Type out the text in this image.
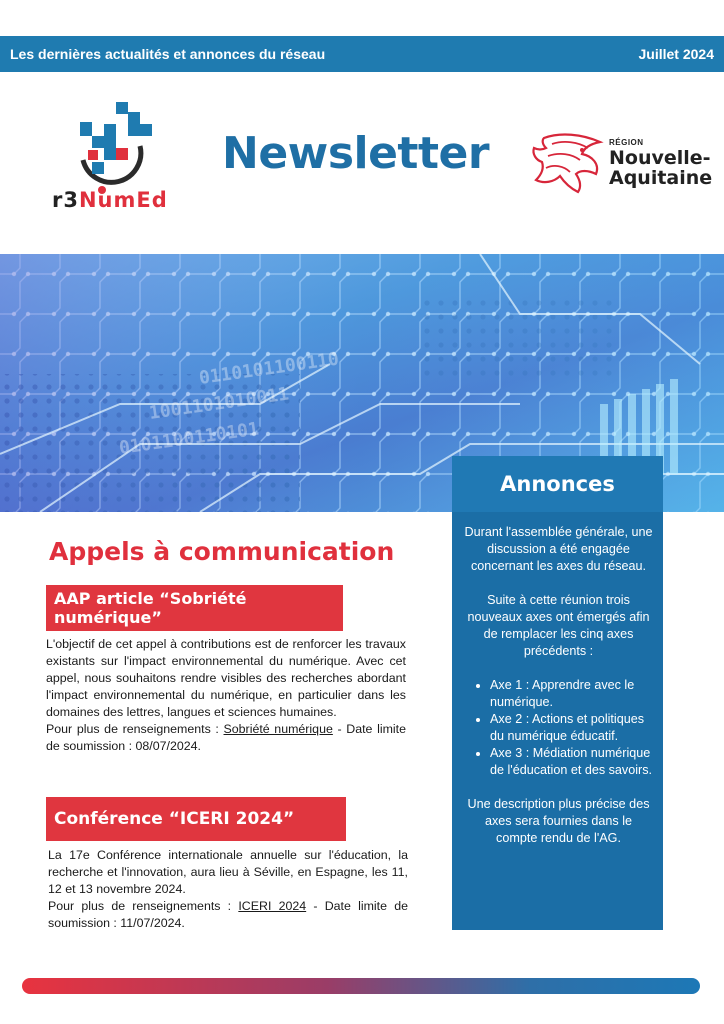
Les dernières actualités et annonces du réseau	Juillet 2024
r3NumEd
Newsletter	RÉGION
Nouvelle-
Aquitaine
0110101100110
1001101010011
0101100110101
Annonces

Durant l'assemblée générale, une discussion a été engagée concernant les axes du réseau.

Suite à cette réunion trois nouveaux axes ont émergés afin de remplacer les cinq axes précédents :

• Axe 1 : Apprendre avec le numérique.
• Axe 2 : Actions et politiques du numérique éducatif.
• Axe 3 : Médiation numérique de l'éducation et des savoirs.

Une description plus précise des axes sera fournies dans le compte rendu de l'AG.

Appels à communication
AAP article “Sobriété numérique”

L'objectif de cet appel à contributions est de renforcer les travaux existants sur l'impact environnemental du numérique. Avec cet appel, nous souhaitons rendre visibles des recherches abordant l'impact environnemental du numérique, en particulier dans les domaines des lettres, langues et sciences humaines.

Pour plus de renseignements : Sobriété numérique - Date limite de soumission : 08/07/2024.

Conférence “ICERI 2024”

La 17e Conférence internationale annuelle sur l'éducation, la recherche et l'innovation, aura lieu à Séville, en Espagne, les 11, 12 et 13 novembre 2024.

Pour plus de renseignements : ICERI 2024 - Date limite de soumission : 11/07/2024.
